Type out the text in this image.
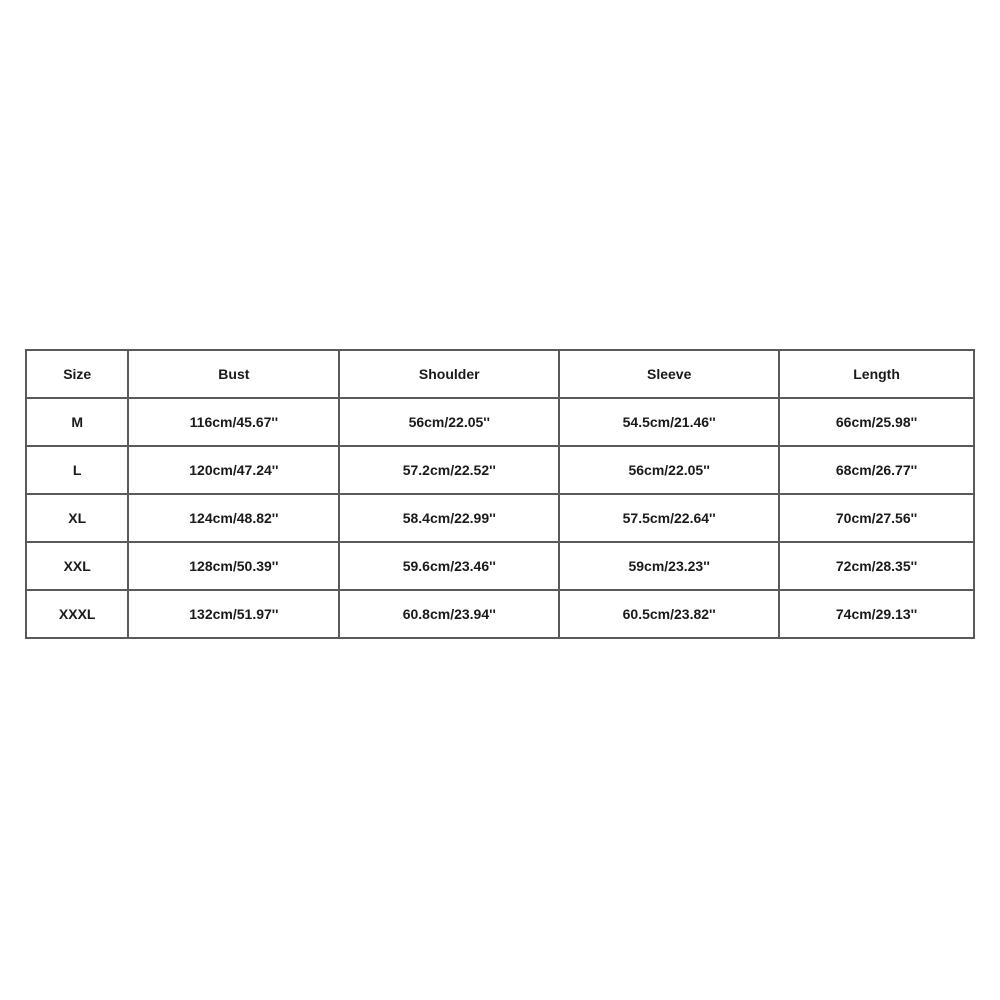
Size	Bust	Shoulder	Sleeve	Length
M	116cm/45.67''	56cm/22.05''	54.5cm/21.46''	66cm/25.98''
L	120cm/47.24''	57.2cm/22.52''	56cm/22.05''	68cm/26.77''
XL	124cm/48.82''	58.4cm/22.99''	57.5cm/22.64''	70cm/27.56''
XXL	128cm/50.39''	59.6cm/23.46''	59cm/23.23''	72cm/28.35''
XXXL	132cm/51.97''	60.8cm/23.94''	60.5cm/23.82''	74cm/29.13''
